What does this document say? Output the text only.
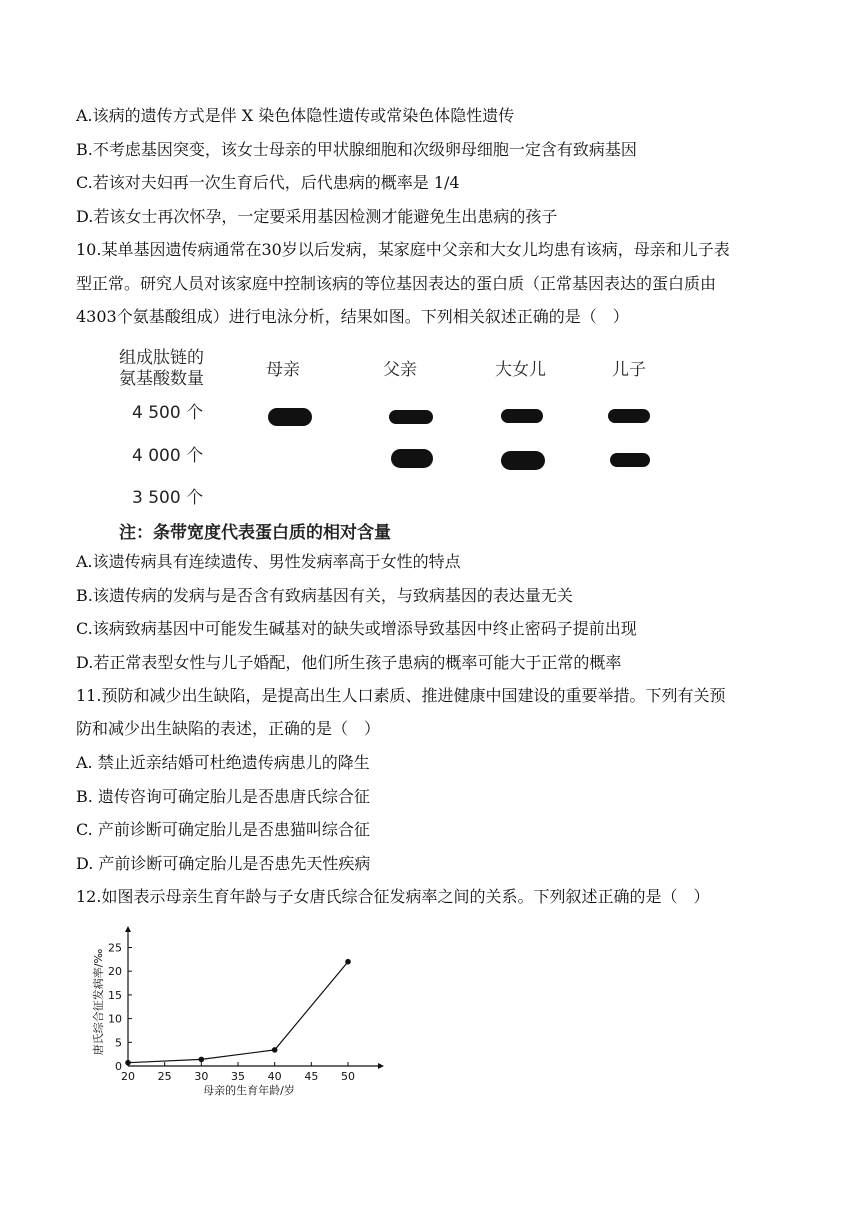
A.该病的遗传方式是伴 X 染色体隐性遗传或常染色体隐性遗传
B.不考虑基因突变，该女士母亲的甲状腺细胞和次级卵母细胞一定含有致病基因
C.若该对夫妇再一次生育后代，后代患病的概率是 1/4
D.若该女士再次怀孕，一定要采用基因检测才能避免生出患病的孩子
10.某单基因遗传病通常在30岁以后发病，某家庭中父亲和大女儿均患有该病，母亲和儿子表
型正常。研究人员对该家庭中控制该病的等位基因表达的蛋白质（正常基因表达的蛋白质由
4303个氨基酸组成）进行电泳分析，结果如图。下列相关叙述正确的是（　）
组成肽链的
氨基酸数量	母亲	父亲	大女儿	儿子
4 500 个
4 000 个
3 500 个
注：条带宽度代表蛋白质的相对含量
A.该遗传病具有连续遗传、男性发病率高于女性的特点
B.该遗传病的发病与是否含有致病基因有关，与致病基因的表达量无关
C.该病致病基因中可能发生碱基对的缺失或增添导致基因中终止密码子提前出现
D.若正常表型女性与儿子婚配，他们所生孩子患病的概率可能大于正常的概率
11.预防和减少出生缺陷，是提高出生人口素质、推进健康中国建设的重要举措。下列有关预
防和减少出生缺陷的表述，正确的是（　）
A. 禁止近亲结婚可杜绝遗传病患儿的降生
B. 遗传咨询可确定胎儿是否患唐氏综合征
C. 产前诊断可确定胎儿是否患猫叫综合征
D. 产前诊断可确定胎儿是否患先天性疾病
12.如图表示母亲生育年龄与子女唐氏综合征发病率之间的关系。下列叙述正确的是（　）
20 25 30 35 40 45 50
0
5
10
15
20
25
母亲的生育年龄/岁
唐氏综合征发病率/‰
